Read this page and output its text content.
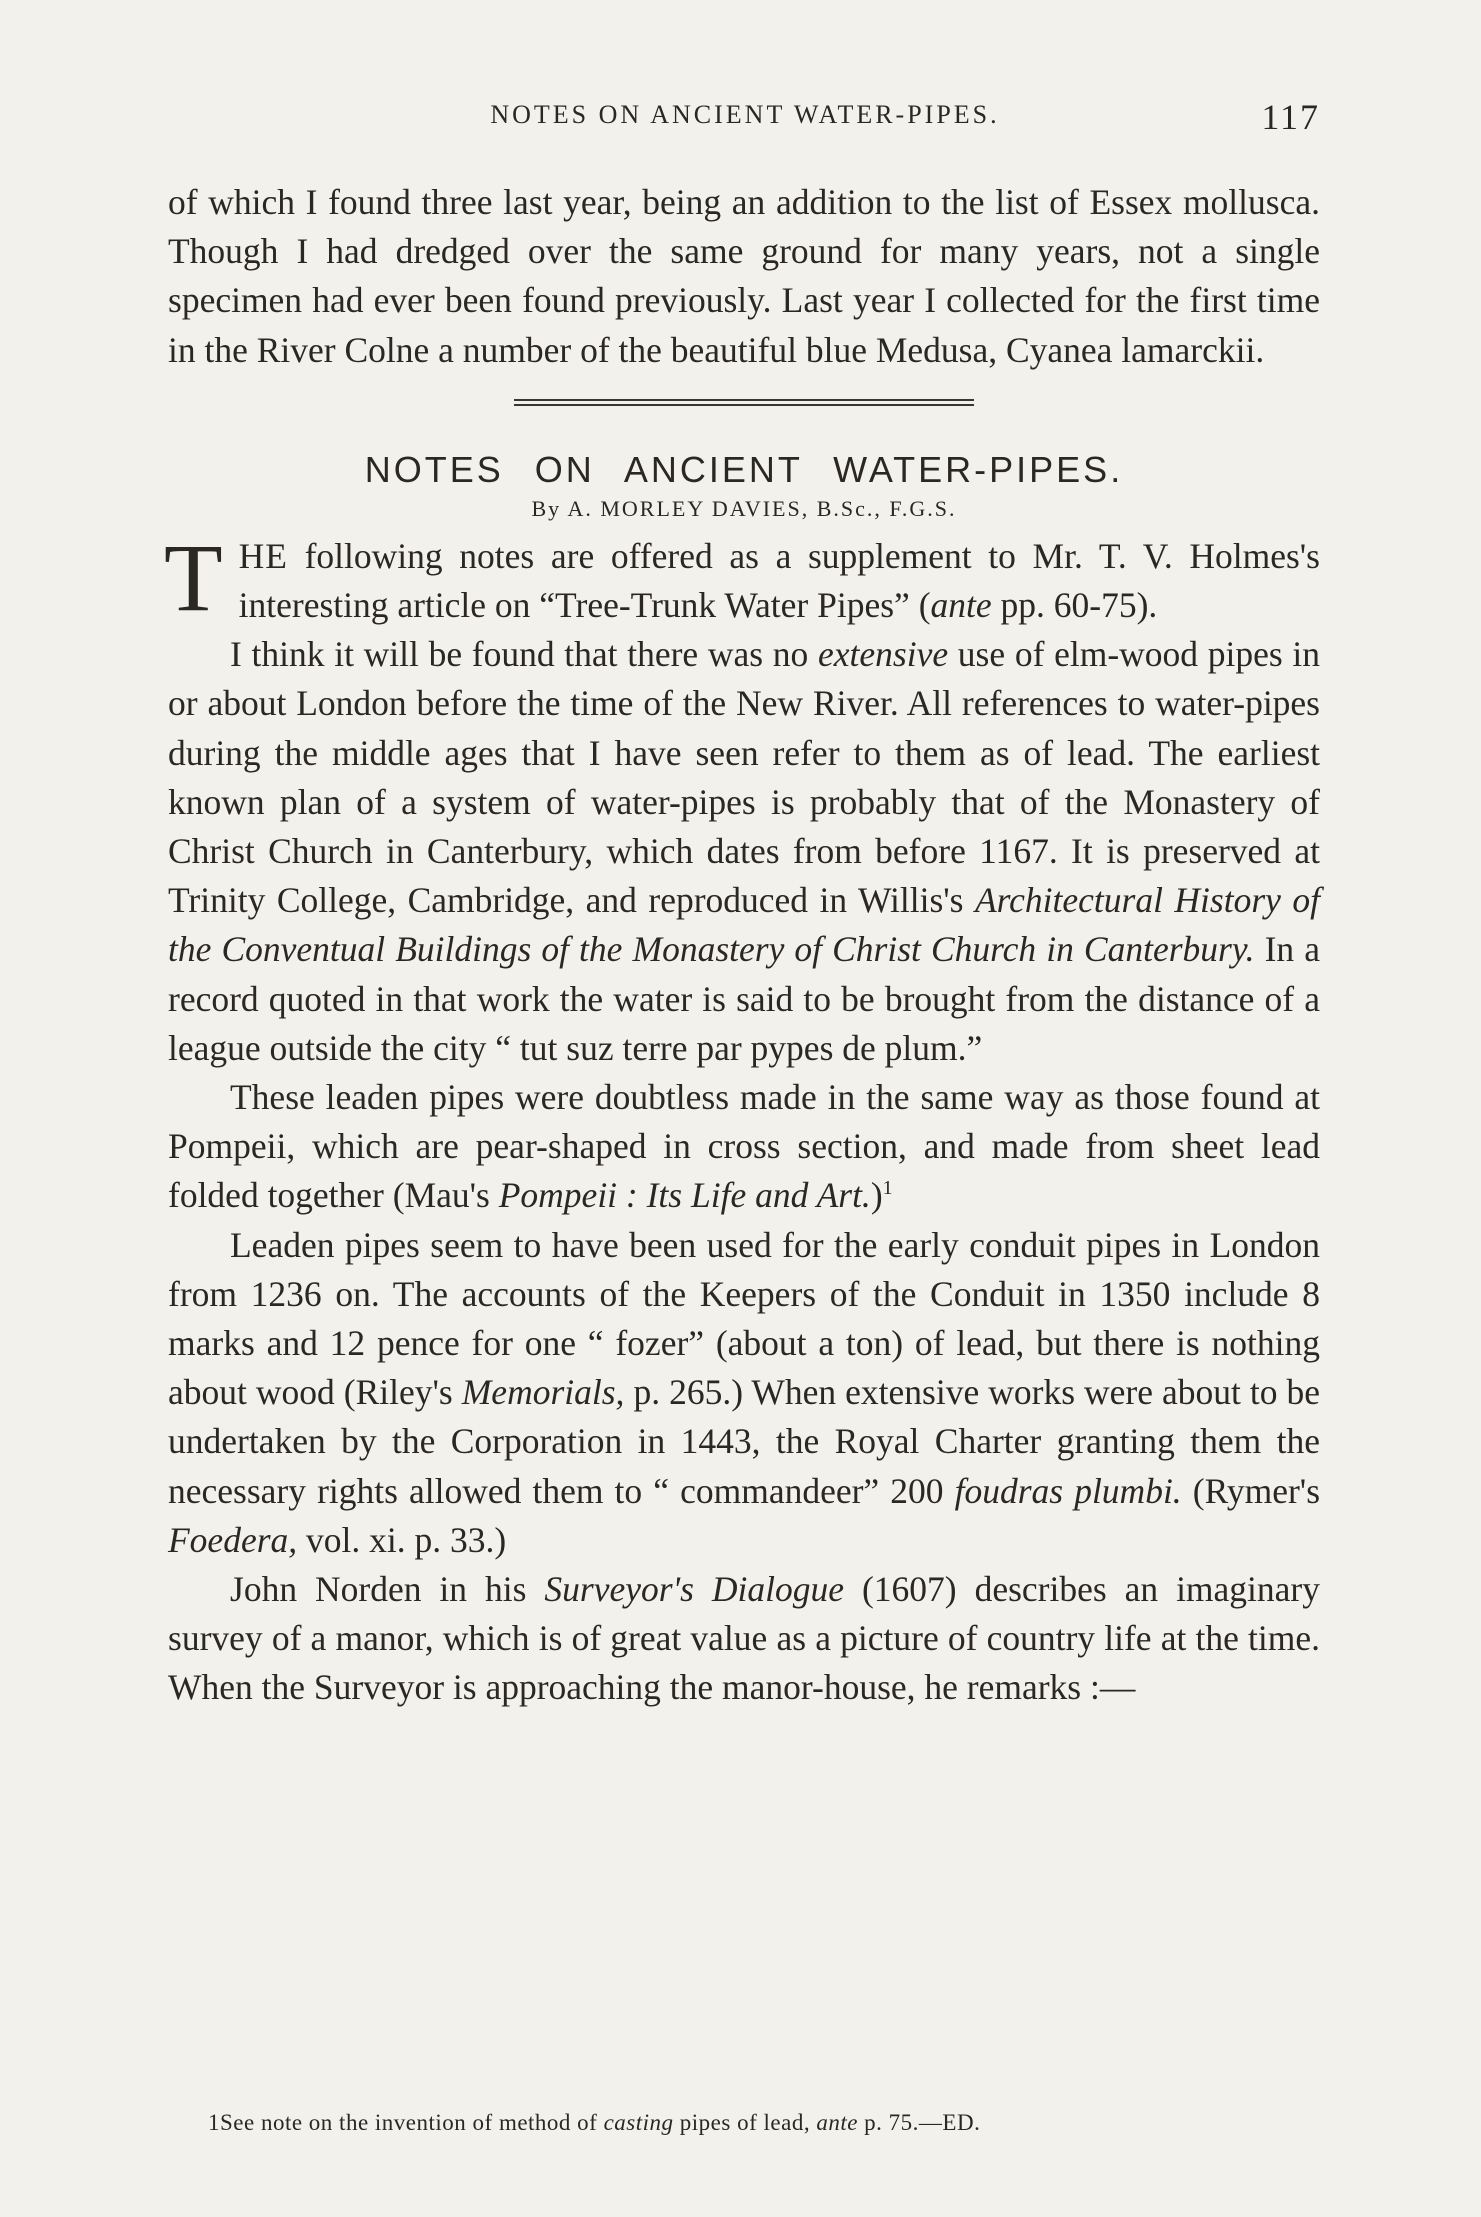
NOTES ON ANCIENT WATER-PIPES.	117

of which I found three last year, being an addition to the list of Essex mollusca. Though I had dredged over the same ground for many years, not a single specimen had ever been found previously. Last year I collected for the first time in the River Colne a number of the beautiful blue Medusa, Cyanea lamarckii.

NOTES ON ANCIENT WATER-PIPES.
By A. MORLEY DAVIES, B.Sc., F.G.S.

THE following notes are offered as a supplement to Mr. T. V. Holmes's interesting article on “Tree-Trunk Water Pipes” (ante pp. 60-75).

I think it will be found that there was no extensive use of elm-wood pipes in or about London before the time of the New River. All references to water-pipes during the middle ages that I have seen refer to them as of lead. The earliest known plan of a system of water-pipes is probably that of the Monastery of Christ Church in Canterbury, which dates from before 1167. It is preserved at Trinity College, Cambridge, and reproduced in Willis's Architectural History of the Conventual Buildings of the Monastery of Christ Church in Canterbury. In a record quoted in that work the water is said to be brought from the distance of a league outside the city “ tut suz terre par pypes de plum.”

These leaden pipes were doubtless made in the same way as those found at Pompeii, which are pear-shaped in cross section, and made from sheet lead folded together (Mau's Pompeii : Its Life and Art.)$^1$

Leaden pipes seem to have been used for the early conduit pipes in London from 1236 on. The accounts of the Keepers of the Conduit in 1350 include 8 marks and 12 pence for one “ fozer” (about a ton) of lead, but there is nothing about wood (Riley's Memorials, p. 265.) When extensive works were about to be undertaken by the Corporation in 1443, the Royal Charter granting them the necessary rights allowed them to “ commandeer” 200 foudras plumbi. (Rymer's Foedera, vol. xi. p. 33.)

John Norden in his Surveyor's Dialogue (1607) describes an imaginary survey of a manor, which is of great value as a picture of country life at the time. When the Surveyor is approaching the manor-house, he remarks :—

1See note on the invention of method of casting pipes of lead, ante p. 75.—ED.
